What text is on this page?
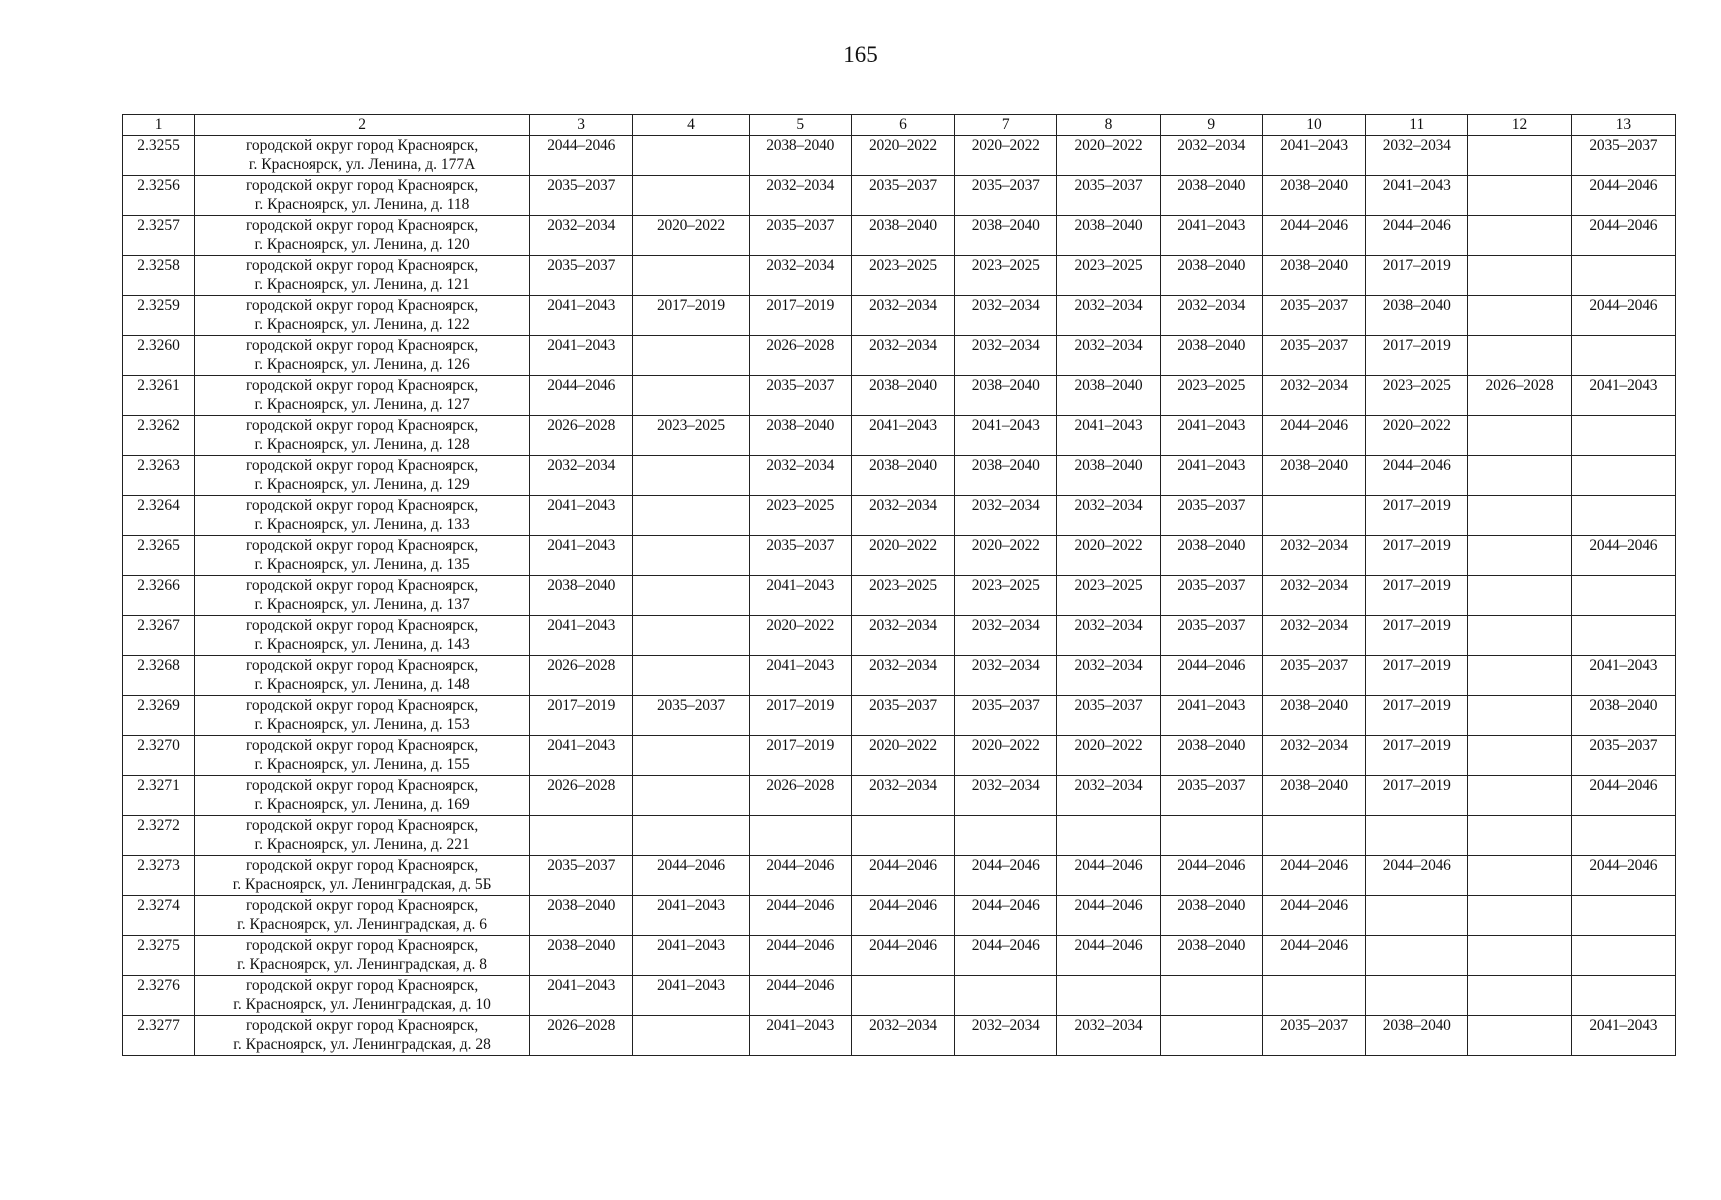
165
1	2	3	4	5	6	7	8	9	10	11	12	13
2.3255	городской округ город Красноярск,
г. Красноярск, ул. Ленина, д. 177А	2044–2046		2038–2040	2020–2022	2020–2022	2020–2022	2032–2034	2041–2043	2032–2034		2035–2037
2.3256	городской округ город Красноярск,
г. Красноярск, ул. Ленина, д. 118	2035–2037		2032–2034	2035–2037	2035–2037	2035–2037	2038–2040	2038–2040	2041–2043		2044–2046
2.3257	городской округ город Красноярск,
г. Красноярск, ул. Ленина, д. 120	2032–2034	2020–2022	2035–2037	2038–2040	2038–2040	2038–2040	2041–2043	2044–2046	2044–2046		2044–2046
2.3258	городской округ город Красноярск,
г. Красноярск, ул. Ленина, д. 121	2035–2037		2032–2034	2023–2025	2023–2025	2023–2025	2038–2040	2038–2040	2017–2019		
2.3259	городской округ город Красноярск,
г. Красноярск, ул. Ленина, д. 122	2041–2043	2017–2019	2017–2019	2032–2034	2032–2034	2032–2034	2032–2034	2035–2037	2038–2040		2044–2046
2.3260	городской округ город Красноярск,
г. Красноярск, ул. Ленина, д. 126	2041–2043		2026–2028	2032–2034	2032–2034	2032–2034	2038–2040	2035–2037	2017–2019		
2.3261	городской округ город Красноярск,
г. Красноярск, ул. Ленина, д. 127	2044–2046		2035–2037	2038–2040	2038–2040	2038–2040	2023–2025	2032–2034	2023–2025	2026–2028	2041–2043
2.3262	городской округ город Красноярск,
г. Красноярск, ул. Ленина, д. 128	2026–2028	2023–2025	2038–2040	2041–2043	2041–2043	2041–2043	2041–2043	2044–2046	2020–2022		
2.3263	городской округ город Красноярск,
г. Красноярск, ул. Ленина, д. 129	2032–2034		2032–2034	2038–2040	2038–2040	2038–2040	2041–2043	2038–2040	2044–2046		
2.3264	городской округ город Красноярск,
г. Красноярск, ул. Ленина, д. 133	2041–2043		2023–2025	2032–2034	2032–2034	2032–2034	2035–2037		2017–2019		
2.3265	городской округ город Красноярск,
г. Красноярск, ул. Ленина, д. 135	2041–2043		2035–2037	2020–2022	2020–2022	2020–2022	2038–2040	2032–2034	2017–2019		2044–2046
2.3266	городской округ город Красноярск,
г. Красноярск, ул. Ленина, д. 137	2038–2040		2041–2043	2023–2025	2023–2025	2023–2025	2035–2037	2032–2034	2017–2019		
2.3267	городской округ город Красноярск,
г. Красноярск, ул. Ленина, д. 143	2041–2043		2020–2022	2032–2034	2032–2034	2032–2034	2035–2037	2032–2034	2017–2019		
2.3268	городской округ город Красноярск,
г. Красноярск, ул. Ленина, д. 148	2026–2028		2041–2043	2032–2034	2032–2034	2032–2034	2044–2046	2035–2037	2017–2019		2041–2043
2.3269	городской округ город Красноярск,
г. Красноярск, ул. Ленина, д. 153	2017–2019	2035–2037	2017–2019	2035–2037	2035–2037	2035–2037	2041–2043	2038–2040	2017–2019		2038–2040
2.3270	городской округ город Красноярск,
г. Красноярск, ул. Ленина, д. 155	2041–2043		2017–2019	2020–2022	2020–2022	2020–2022	2038–2040	2032–2034	2017–2019		2035–2037
2.3271	городской округ город Красноярск,
г. Красноярск, ул. Ленина, д. 169	2026–2028		2026–2028	2032–2034	2032–2034	2032–2034	2035–2037	2038–2040	2017–2019		2044–2046
2.3272	городской округ город Красноярск,
г. Красноярск, ул. Ленина, д. 221											

2.3273	городской округ город Красноярск,
г. Красноярск, ул. Ленинградская, д. 5Б	2035–2037	2044–2046	2044–2046	2044–2046	2044–2046	2044–2046	2044–2046	2044–2046	2044–2046		2044–2046
2.3274	городской округ город Красноярск,
г. Красноярск, ул. Ленинградская, д. 6	2038–2040	2041–2043	2044–2046	2044–2046	2044–2046	2044–2046	2038–2040	2044–2046			
2.3275	городской округ город Красноярск,
г. Красноярск, ул. Ленинградская, д. 8	2038–2040	2041–2043	2044–2046	2044–2046	2044–2046	2044–2046	2038–2040	2044–2046			
2.3276	городской округ город Красноярск,
г. Красноярск, ул. Ленинградская, д. 10	2041–2043	2041–2043	2044–2046								
2.3277	городской округ город Красноярск,
г. Красноярск, ул. Ленинградская, д. 28	2026–2028		2041–2043	2032–2034	2032–2034	2032–2034		2035–2037	2038–2040		2041–2043
